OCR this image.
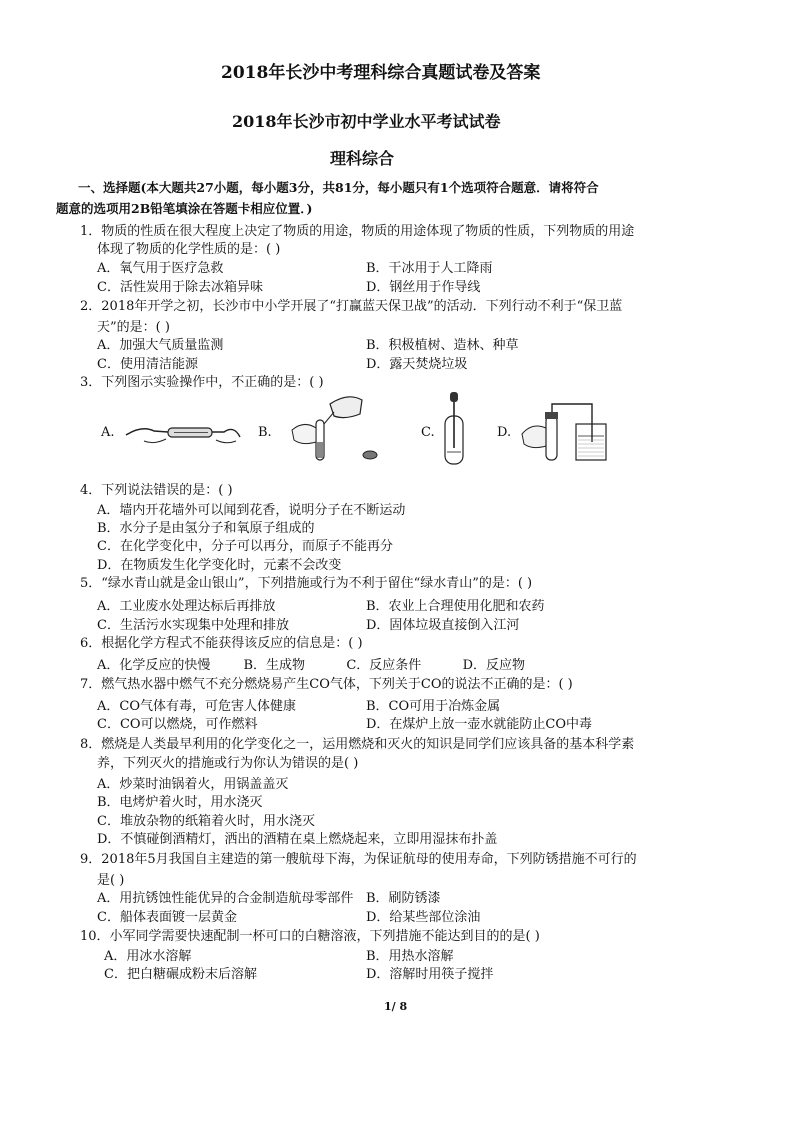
2018年长沙中考理科综合真题试卷及答案
2018年长沙市初中学业水平考试试卷
理科综合
一、选择题(本大题共27小题，每小题3分，共81分，每小题只有1个选项符合题意．请将符合
题意的选项用2B铅笔填涂在答题卡相应位置．)
1．物质的性质在很大程度上决定了物质的用途，物质的用途体现了物质的性质，下列物质的用途
体现了物质的化学性质的是：( )
A．氧气用于医疗急救	B．干冰用于人工降雨
C．活性炭用于除去冰箱异味	D．钢丝用于作导线
2．2018年开学之初，长沙市中小学开展了“打赢蓝天保卫战”的活动．下列行动不利于“保卫蓝
天”的是：( )
A．加强大气质量监测	B．积极植树、造林、种草
C．使用清洁能源	D．露天焚烧垃圾
3．下列图示实验操作中，不正确的是：( )
A.	B.	C.	D.
4．下列说法错误的是：( )
A．墙内开花墙外可以闻到花香，说明分子在不断运动
B．水分子是由氢分子和氧原子组成的
C．在化学变化中，分子可以再分，而原子不能再分
D．在物质发生化学变化时，元素不会改变
5．“绿水青山就是金山银山”，下列措施或行为不利于留住“绿水青山”的是：( )
A．工业废水处理达标后再排放	B．农业上合理使用化肥和农药
C．生活污水实现集中处理和排放	D．固体垃圾直接倒入江河
6．根据化学方程式不能获得该反应的信息是：( )
A．化学反应的快慢        B．生成物          C．反应条件          D．反应物
7．燃气热水器中燃气不充分燃烧易产生CO气体，下列关于CO的说法不正确的是：( )
A．CO气体有毒，可危害人体健康	B．CO可用于冶炼金属
C．CO可以燃烧，可作燃料	D．在煤炉上放一壶水就能防止CO中毒
8．燃烧是人类最早利用的化学变化之一，运用燃烧和灭火的知识是同学们应该具备的基本科学素
养，下列灭火的措施或行为你认为错误的是( )
A．炒菜时油锅着火，用锅盖盖灭
B．电烤炉着火时，用水浇灭
C．堆放杂物的纸箱着火时，用水浇灭
D．不慎碰倒酒精灯，洒出的酒精在桌上燃烧起来，立即用湿抹布扑盖
9．2018年5月我国自主建造的第一艘航母下海，为保证航母的使用寿命，下列防锈措施不可行的
是( )
A．用抗锈蚀性能优异的合金制造航母零部件 B．刷防锈漆
C．船体表面镀一层黄金	D．给某些部位涂油
10．小军同学需要快速配制一杯可口的白糖溶液，下列措施不能达到目的的是( )
A．用冰水溶解	B．用热水溶解
C．把白糖碾成粉末后溶解	D．溶解时用筷子搅拌
1/ 8
